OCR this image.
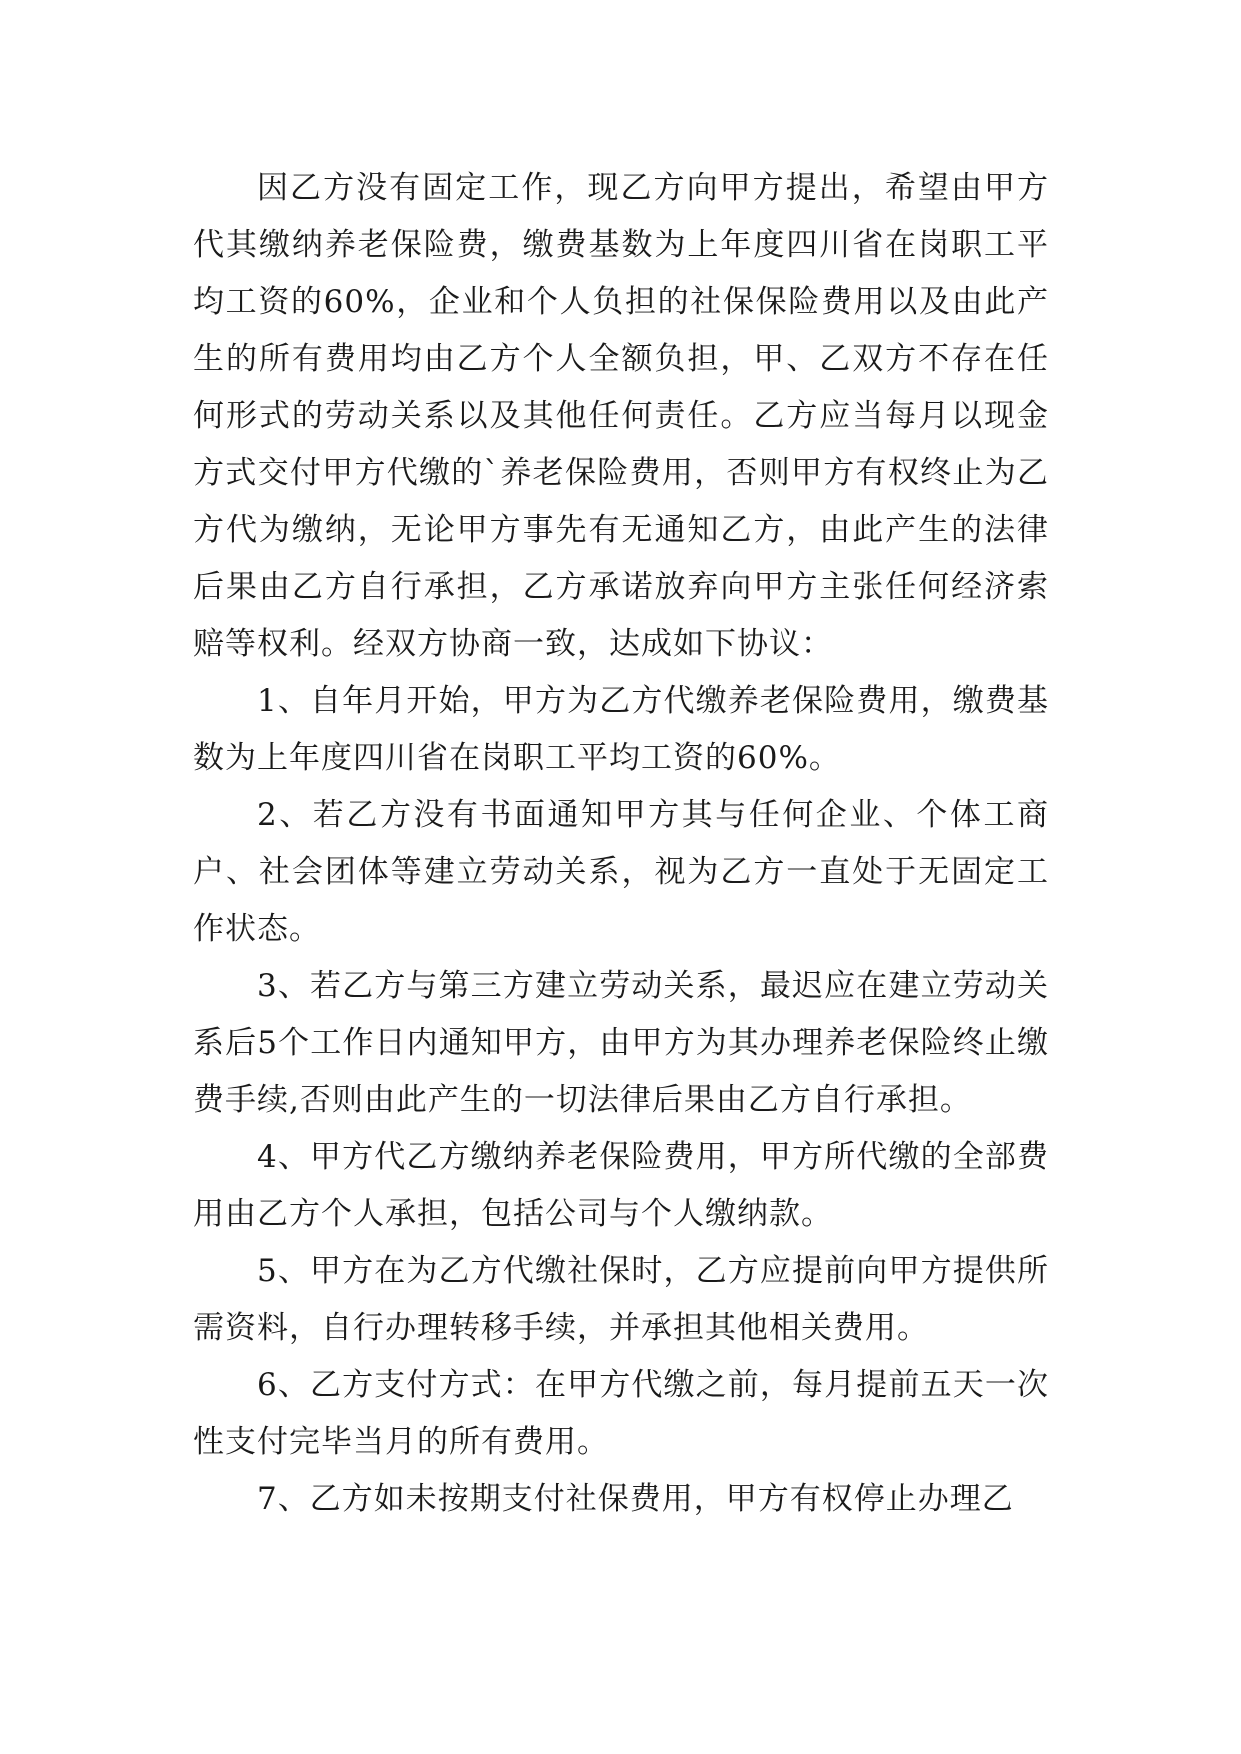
因乙方没有固定工作，现乙方向甲方提出，希望由甲方代其缴纳养老保险费，缴费基数为上年度四川省在岗职工平均工资的60%，企业和个人负担的社保保险费用以及由此产生的所有费用均由乙方个人全额负担，甲、乙双方不存在任何形式的劳动关系以及其他任何责任。乙方应当每月以现金方式交付甲方代缴的`养老保险费用，否则甲方有权终止为乙方代为缴纳，无论甲方事先有无通知乙方，由此产生的法律后果由乙方自行承担，乙方承诺放弃向甲方主张任何经济索赔等权利。经双方协商一致，达成如下协议：

1、自年月开始，甲方为乙方代缴养老保险费用，缴费基数为上年度四川省在岗职工平均工资的60%。

2、若乙方没有书面通知甲方其与任何企业、个体工商户、社会团体等建立劳动关系，视为乙方一直处于无固定工作状态。

3、若乙方与第三方建立劳动关系，最迟应在建立劳动关系后5个工作日内通知甲方，由甲方为其办理养老保险终止缴费手续,否则由此产生的一切法律后果由乙方自行承担。

4、甲方代乙方缴纳养老保险费用，甲方所代缴的全部费用由乙方个人承担，包括公司与个人缴纳款。

5、甲方在为乙方代缴社保时，乙方应提前向甲方提供所需资料，自行办理转移手续，并承担其他相关费用。

6、乙方支付方式：在甲方代缴之前，每月提前五天一次性支付完毕当月的所有费用。

7、乙方如未按期支付社保费用，甲方有权停止办理乙
